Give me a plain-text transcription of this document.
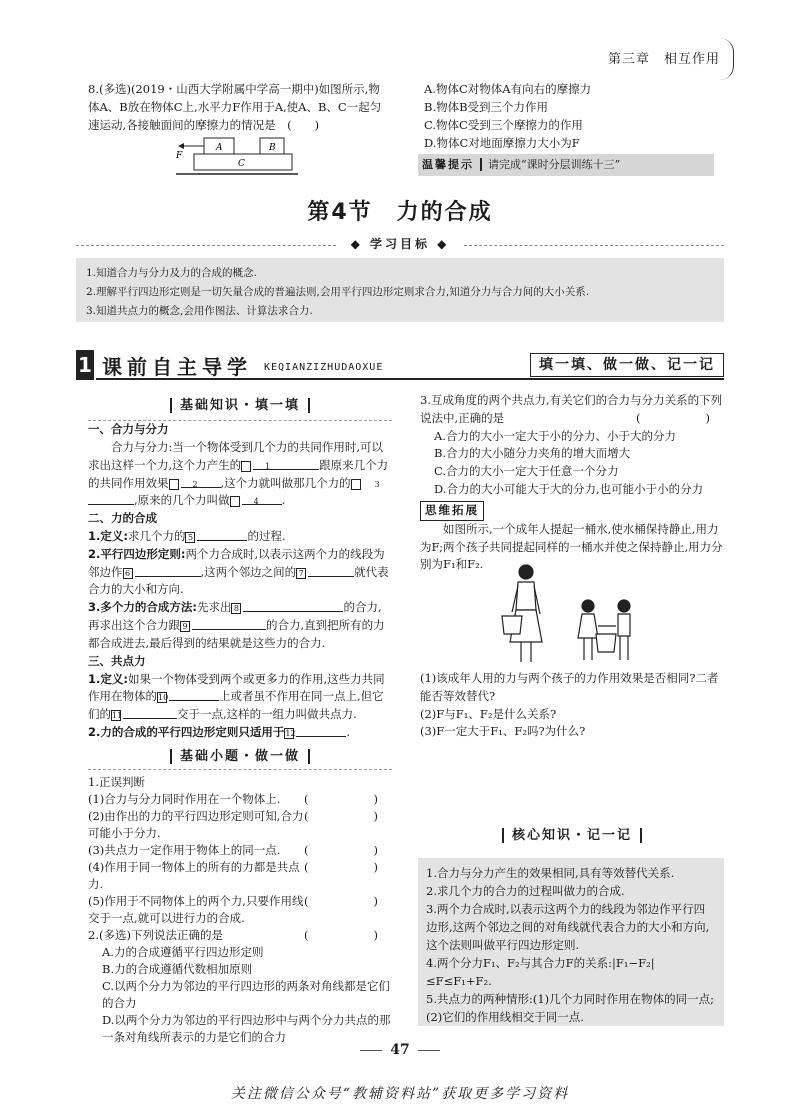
第三章　相互作用

8.(多选)(2019・山西大学附属中学高一期中)如图所示,物体A、B放在物体C上,水平力F作用于A,使A、B、C一起匀速运动,各接触面间的摩擦力的情况是　 (　　)

A	B
C
F
A.物体C对物体A有向右的摩擦力
B.物体B受到三个力作用
C.物体C受到三个摩擦力的作用
D.物体C对地面摩擦力大小为F
温馨提示 请完成“课时分层训练十三”
第4节　力的合成
◆ 学习目标 ◆
1.知道合力与分力及力的合成的概念.
2.理解平行四边形定则是一切矢量合成的普遍法则,会用平行四边形定则求合力,知道分力与合力间的大小关系.
3.知道共点力的概念,会用作图法、计算法求合力.
1 课前自主导学 KEQIANZIZHUDAOXUE	填一填、做一做、记一记
基础知识・填一填
一、合力与分力
合力与分力:当一个物体受到几个力的共同作用时,可以求出这样一个力,这个力产生的	1	跟原来几个力的共同作用效果	2 ,这个力就叫做那几个力的	3,原来的几个力叫做	4 .
二、力的合成
1.定义:求几个力的 5	的过程.
2.平行四边形定则:两个力合成时,以表示这两个力的线段为邻边作 6	,这两个邻边之间的 7	就代表合力的大小和方向.
3.多个力的合成方法:先求出 8	的合力,再求出这个合力跟 9	的合力,直到把所有的力都合成进去,最后得到的结果就是这些力的合力.
三、共点力
1.定义:如果一个物体受到两个或更多力的作用,这些力共同作用在物体的10	上或者虽不作用在同一点上,但它们的11	交于一点,这样的一组力叫做共点力.
2.力的合成的平行四边形定则只适用于12	.
基础小题・做一做
1.正误判断
(　　)
(1)合力与分力同时作用在一个物体上.
(　　)
(2)由作出的力的平行四边形定则可知,合力可能小于分力.
(　　)
(3)共点力一定作用于物体上的同一点.
(　　)
(4)作用于同一物体上的所有的力都是共点力.
(　　)
(5)作用于不同物体上的两个力,只要作用线交于一点,就可以进行力的合成.
(　　)
2.(多选)下列说法正确的是
A.力的合成遵循平行四边形定则
B.力的合成遵循代数相加原则
C.以两个分力为邻边的平行四边形的两条对角线都是它们的合力
D.以两个分力为邻边的平行四边形中与两个分力共点的那一条对角线所表示的力是它们的合力
3.互成角度的两个共点力,有关它们的合力与分力关系的下列说法中,正确的是	(　　)
A.合力的大小一定大于小的分力、小于大的分力
B.合力的大小随分力夹角的增大而增大
C.合力的大小一定大于任意一个分力
D.合力的大小可能大于大的分力,也可能小于小的分力
思维拓展
如图所示,一个成年人提起一桶水,使水桶保持静止,用力为F;两个孩子共同提起同样的一桶水并使之保持静止,用力分别为F₁和F₂.
(1)该成年人用的力与两个孩子的力作用效果是否相同?二者能否等效替代?
(2)F与F₁、F₂是什么关系?
(3)F一定大于F₁、F₂吗?为什么?
核心知识・记一记
1.合力与分力产生的效果相同,具有等效替代关系.
2.求几个力的合力的过程叫做力的合成.
3.两个力合成时,以表示这两个力的线段为邻边作平行四边形,这两个邻边之间的对角线就代表合力的大小和方向,这个法则叫做平行四边形定则.
4.两个分力F₁、F₂与其合力F的关系:|F₁−F₂|≤F≤F₁+F₂.
5.共点力的两种情形:(1)几个力同时作用在物体的同一点;(2)它们的作用线相交于同一点.
47
关注微信公众号“教辅资料站”获取更多学习资料
